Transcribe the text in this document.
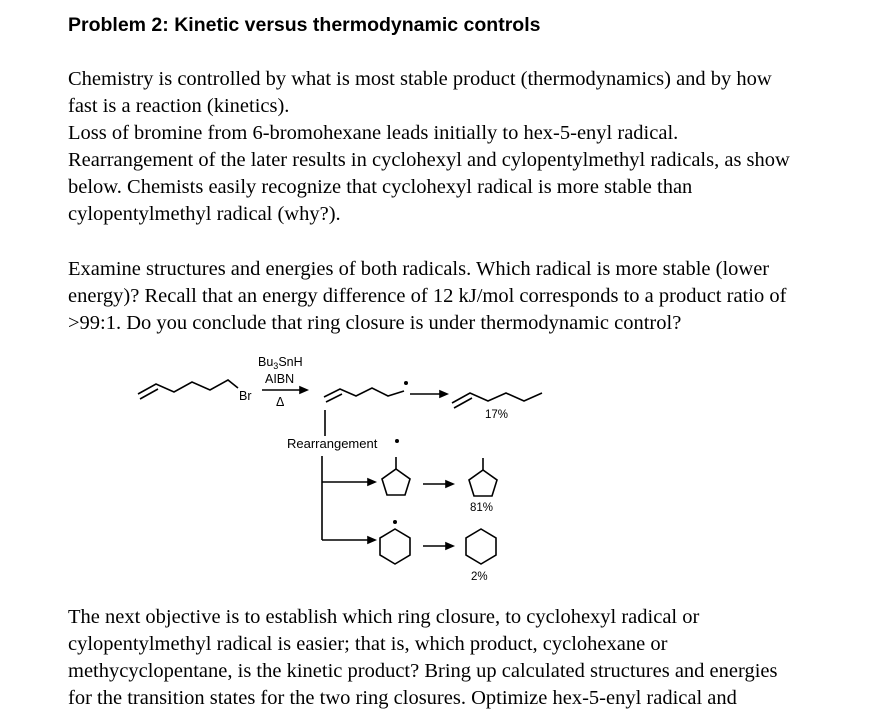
Problem 2: Kinetic versus thermodynamic controls
Chemistry is controlled by what is most stable product (thermodynamics) and by how
fast is a reaction (kinetics).
Loss of bromine from 6-bromohexane leads initially to hex-5-enyl radical.
Rearrangement of the later results in cyclohexyl and cylopentylmethyl radicals, as show
below. Chemists easily recognize that cyclohexyl radical is more stable than
cylopentylmethyl radical (why?).
Examine structures and energies of both radicals. Which radical is more stable (lower
energy)? Recall that an energy difference of 12 kJ/mol corresponds to a product ratio of
>99:1. Do you conclude that ring closure is under thermodynamic control?
$Bu_3SnH$
AIBN
Δ
Br
Rearrangement
17%
81%
2%
The next objective is to establish which ring closure, to cyclohexyl radical or
cylopentylmethyl radical is easier; that is, which product, cyclohexane or
methycyclopentane, is the kinetic product? Bring up calculated structures and energies
for the transition states for the two ring closures. Optimize hex-5-enyl radical and
